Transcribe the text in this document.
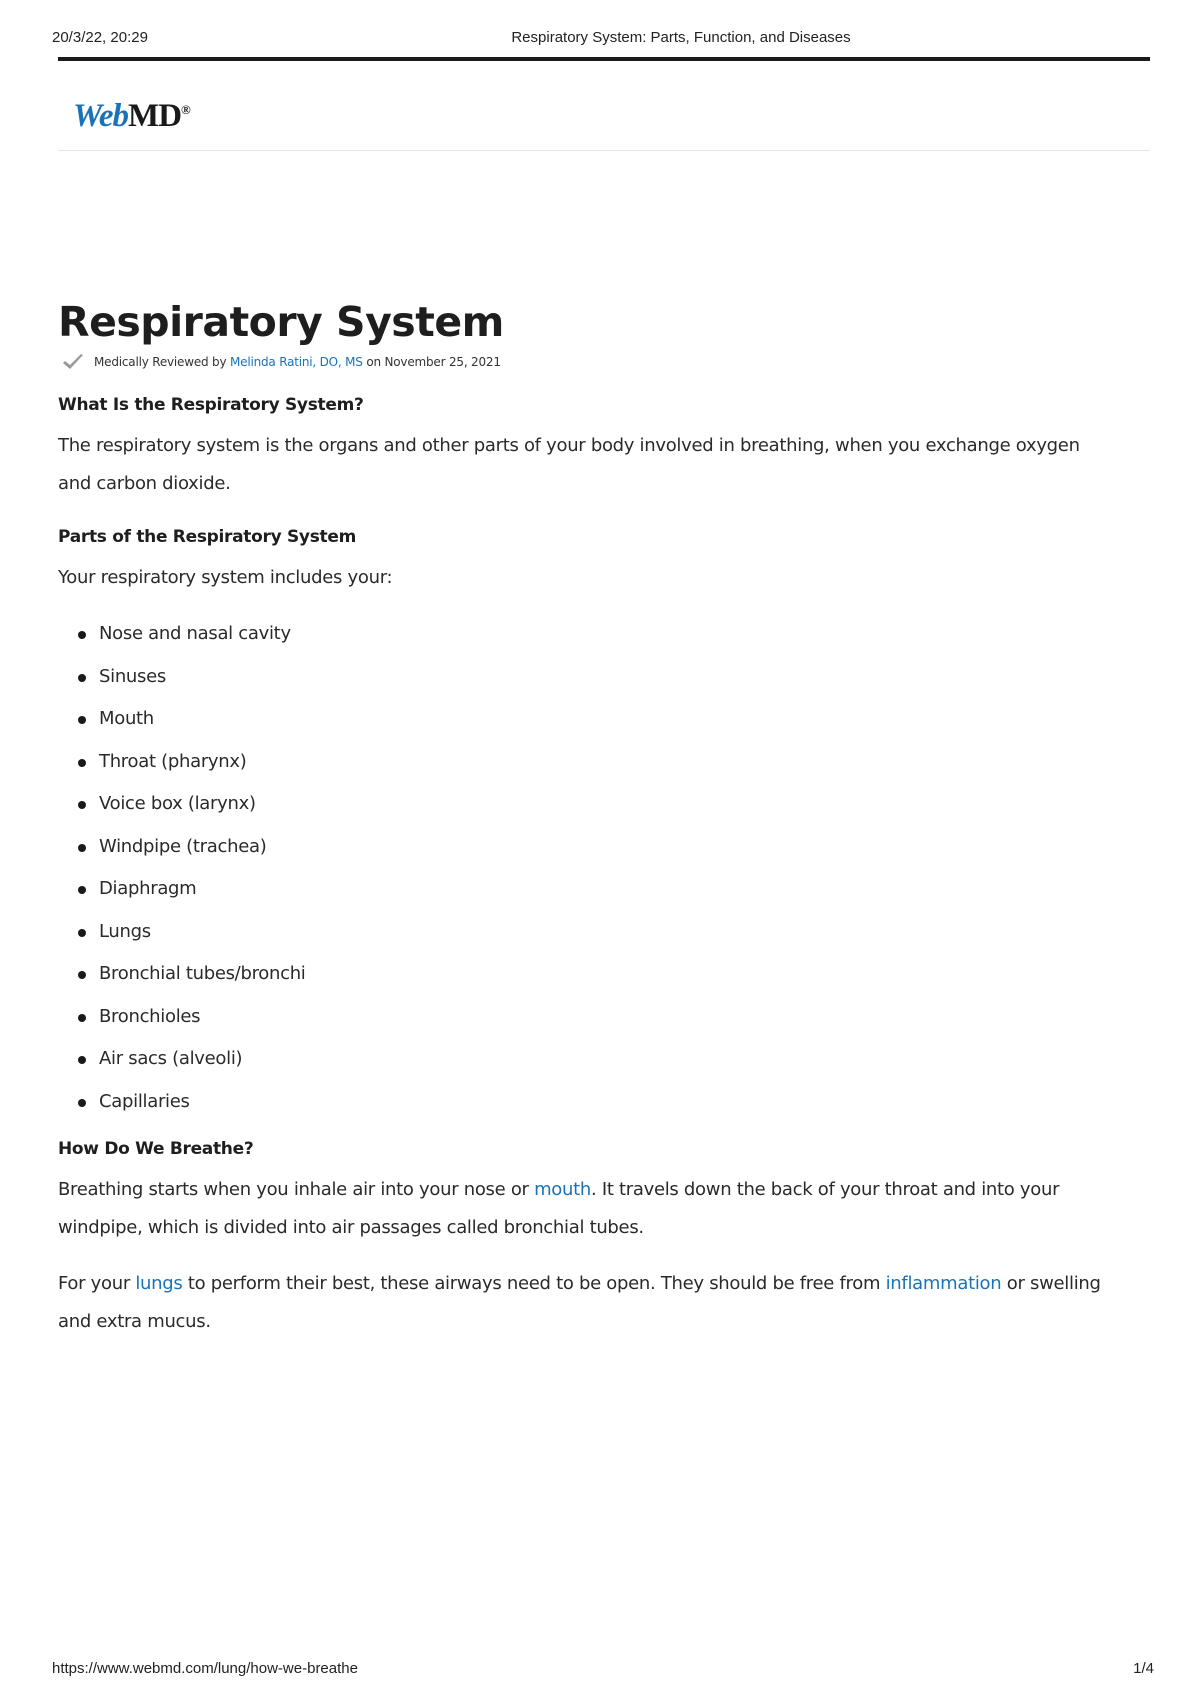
20/3/22, 20:29	Respiratory System: Parts, Function, and Diseases
WebMD®
Respiratory System
Medically Reviewed by
Melinda Ratini, DO, MS
on November 25, 2021
What Is the Respiratory System?

The respiratory system is the organs and other parts of your body involved in breathing, when you exchange oxygen and carbon dioxide.

Parts of the Respiratory System

Your respiratory system includes your:

Nose and nasal cavity
Sinuses
Mouth
Throat (pharynx)
Voice box (larynx)
Windpipe (trachea)
Diaphragm
Lungs
Bronchial tubes/bronchi
Bronchioles
Air sacs (alveoli)
Capillaries
How Do We Breathe?

Breathing starts when you inhale air into your nose or mouth. It travels down the back of your throat and into your windpipe, which is divided into air passages called bronchial tubes.

For your lungs to perform their best, these airways need to be open. They should be free from inflammation or swelling and extra mucus.

https://www.webmd.com/lung/how-we-breathe	1/4
